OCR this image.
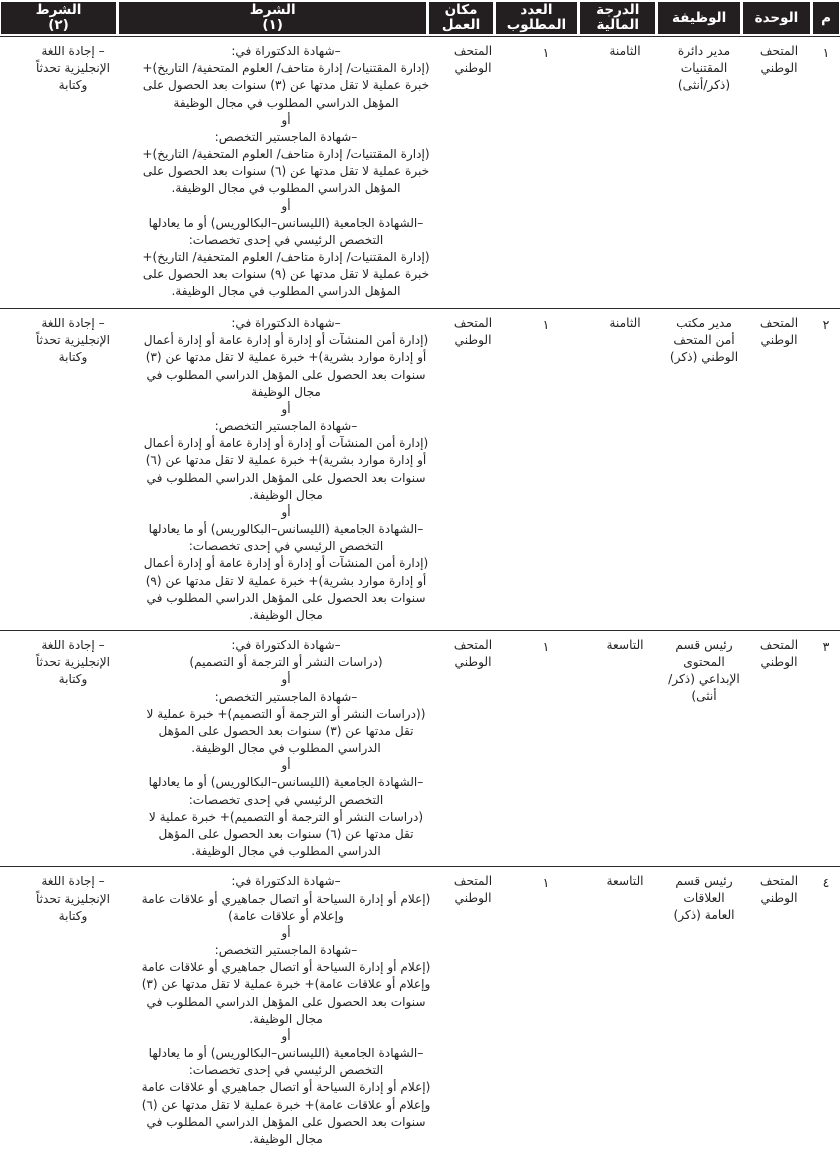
م
الوحدة
الوظيفة
الدرجة
المالية
العدد
المطلوب
مكان
العمل
الشرط
(١)
الشرط
(٢)
١
المتحف الوطني
مدير دائرة المقتنيات (ذكر/أنثى)
الثامنة
١
المتحف الوطني

–شهادة الدكتوراة في:

(إدارة المقتنيات/ إدارة متاحف/ العلوم المتحفية/ التاريخ)+ خبرة عملية لا تقل مدتها عن (٣) سنوات بعد الحصول على المؤهل الدراسي المطلوب في مجال الوظيفة

أو

–شهادة الماجستير التخصص:

(إدارة المقتنيات/ إدارة متاحف/ العلوم المتحفية/ التاريخ)+ خبرة عملية لا تقل مدتها عن (٦) سنوات بعد الحصول على المؤهل الدراسي المطلوب في مجال الوظيفة.

أو

–الشهادة الجامعية (الليسانس–البكالوريس) أو ما يعادلها التخصص الرئيسي في إحدى تخصصات:

(إدارة المقتنيات/ إدارة متاحف/ العلوم المتحفية/ التاريخ)+ خبرة عملية لا تقل مدتها عن (٩) سنوات بعد الحصول على المؤهل الدراسي المطلوب في مجال الوظيفة.

– إجادة اللغة الإنجليزية تحدثاً وكتابة
٢
المتحف الوطني
مدير مكتب أمن المتحف الوطني (ذكر)
الثامنة
١
المتحف الوطني

–شهادة الدكتوراة في:

(إدارة أمن المنشآت أو إدارة أو إدارة عامة أو إدارة أعمال أو إدارة موارد بشرية)+ خبرة عملية لا تقل مدتها عن (٣) سنوات بعد الحصول على المؤهل الدراسي المطلوب في مجال الوظيفة

أو

–شهادة الماجستير التخصص:

(إدارة أمن المنشآت أو إدارة أو إدارة عامة أو إدارة أعمال أو إدارة موارد بشرية)+ خبرة عملية لا تقل مدتها عن (٦) سنوات بعد الحصول على المؤهل الدراسي المطلوب في مجال الوظيفة.

أو

–الشهادة الجامعية (الليسانس–البكالوريس) أو ما يعادلها التخصص الرئيسي في إحدى تخصصات:

(إدارة أمن المنشآت أو إدارة أو إدارة عامة أو إدارة أعمال أو إدارة موارد بشرية)+ خبرة عملية لا تقل مدتها عن (٩) سنوات بعد الحصول على المؤهل الدراسي المطلوب في مجال الوظيفة.

– إجادة اللغة الإنجليزية تحدثاً وكتابة
٣
المتحف الوطني
رئيس قسم المحتوى الإبداعي (ذكر/أنثى)
التاسعة
١
المتحف الوطني

–شهادة الدكتوراة في:

(دراسات النشر أو الترجمة أو التصميم)

أو

–شهادة الماجستير التخصص:

((دراسات النشر أو الترجمة أو التصميم)+ خبرة عملية لا تقل مدتها عن (٣) سنوات بعد الحصول على المؤهل الدراسي المطلوب في مجال الوظيفة.

أو

–الشهادة الجامعية (الليسانس–البكالوريس) أو ما يعادلها التخصص الرئيسي في إحدى تخصصات:

(دراسات النشر أو الترجمة أو التصميم)+ خبرة عملية لا تقل مدتها عن (٦) سنوات بعد الحصول على المؤهل الدراسي المطلوب في مجال الوظيفة.

– إجادة اللغة الإنجليزية تحدثاً وكتابة
٤
المتحف الوطني
رئيس قسم العلاقات العامة (ذكر)
التاسعة
١
المتحف الوطني

–شهادة الدكتوراة في:

(إعلام أو إدارة السياحة أو اتصال جماهيري أو علاقات عامة وإعلام أو علاقات عامة)

أو

–شهادة الماجستير التخصص:

(إعلام أو إدارة السياحة أو اتصال جماهيري أو علاقات عامة وإعلام أو علاقات عامة)+ خبرة عملية لا تقل مدتها عن (٣) سنوات بعد الحصول على المؤهل الدراسي المطلوب في مجال الوظيفة.

أو

–الشهادة الجامعية (الليسانس–البكالوريس) أو ما يعادلها التخصص الرئيسي في إحدى تخصصات:

(إعلام أو إدارة السياحة أو اتصال جماهيري أو علاقات عامة وإعلام أو علاقات عامة)+ خبرة عملية لا تقل مدتها عن (٦) سنوات بعد الحصول على المؤهل الدراسي المطلوب في مجال الوظيفة.

– إجادة اللغة الإنجليزية تحدثاً وكتابة
